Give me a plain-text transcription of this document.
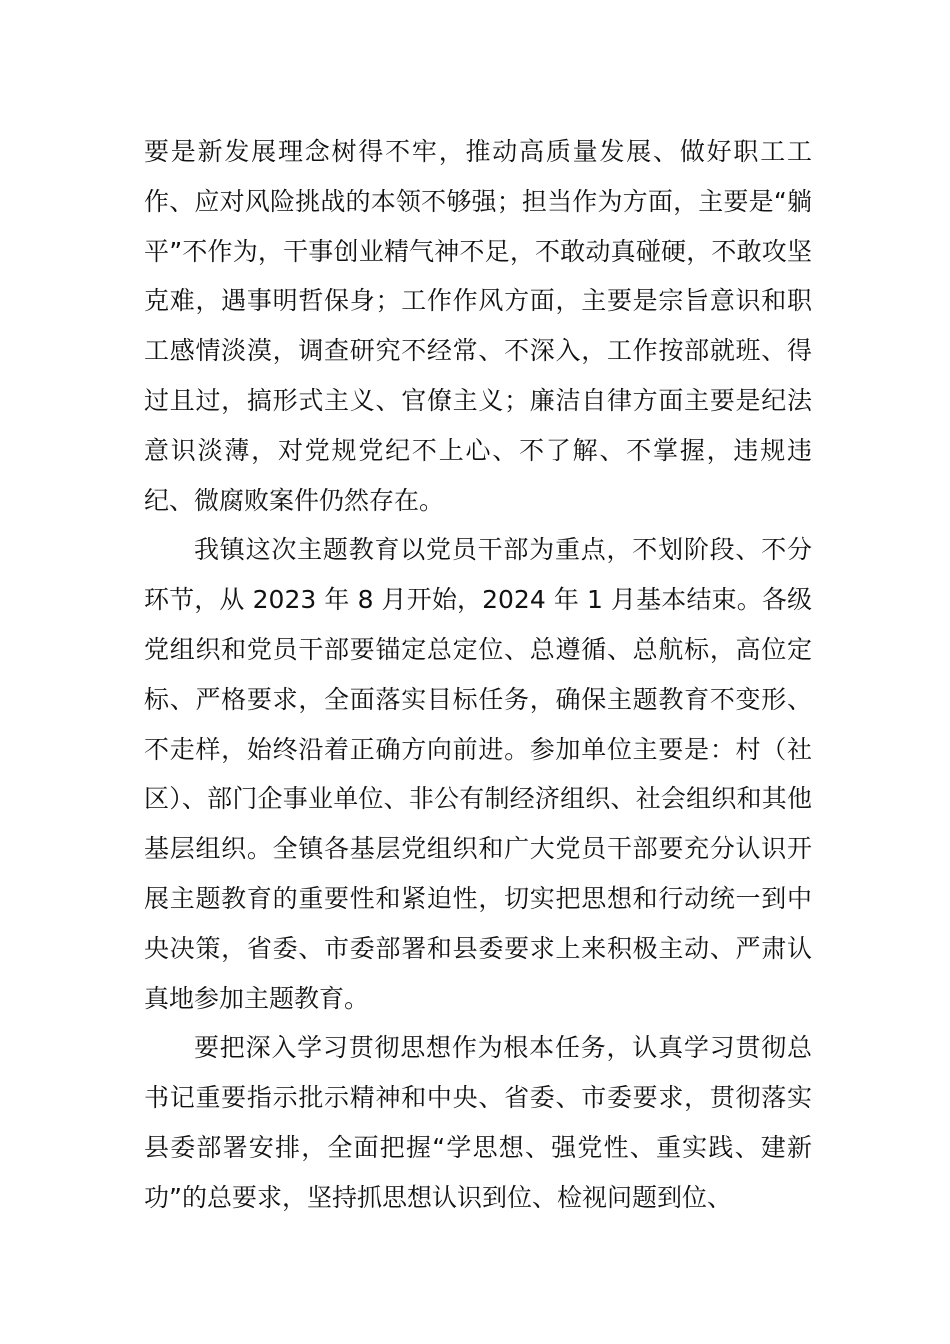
要是新发展理念树得不牢，推动高质量发展、做好职工工作、应对风险挑战的本领不够强；担当作为方面，主要是“躺平”不作为，干事创业精气神不足，不敢动真碰硬，不敢攻坚克难，遇事明哲保身；工作作风方面，主要是宗旨意识和职工感情淡漠，调查研究不经常、不深入，工作按部就班、得过且过，搞形式主义、官僚主义；廉洁自律方面主要是纪法意识淡薄，对党规党纪不上心、不了解、不掌握，违规违纪、微腐败案件仍然存在。

我镇这次主题教育以党员干部为重点，不划阶段、不分环节，从 2023 年 8 月开始，2024 年 1 月基本结束。各级党组织和党员干部要锚定总定位、总遵循、总航标，高位定标、严格要求，全面落实目标任务，确保主题教育不变形、不走样，始终沿着正确方向前进。参加单位主要是：村（社区）、部门企事业单位、非公有制经济组织、社会组织和其他基层组织。全镇各基层党组织和广大党员干部要充分认识开展主题教育的重要性和紧迫性，切实把思想和行动统一到中央决策，省委、市委部署和县委要求上来积极主动、严肃认真地参加主题教育。

要把深入学习贯彻思想作为根本任务，认真学习贯彻总书记重要指示批示精神和中央、省委、市委要求，贯彻落实县委部署安排，全面把握“学思想、强党性、重实践、建新功”的总要求，坚持抓思想认识到位、检视问题到位、
